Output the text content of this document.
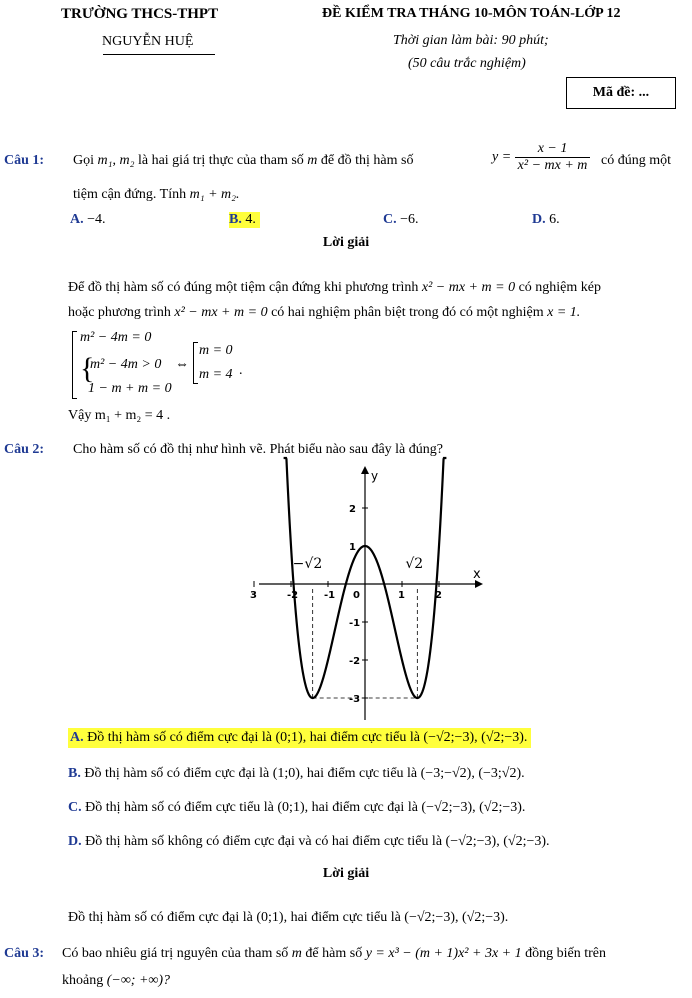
TRƯỜNG THCS-THPT
NGUYỄN HUỆ
ĐỀ KIỂM TRA THÁNG 10-MÔN TOÁN-LỚP 12
Thời gian làm bài: 90 phút;
(50 câu trắc nghiệm)
Mã đề: ...
Câu 1: Gọi m₁, m₂ là hai giá trị thực của tham số m để đồ thị hàm số	$y = \frac{x - 1}{\text{x² − mx + m}}$ có đúng một
tiệm cận đứng. Tính m₁ + m₂.
A. −4.	B. 4.	C. −6.	D. 6.
Lời giải
Để đồ thị hàm số có đúng một tiệm cận đứng khi phương trình x² − mx + m = 0 có nghiệm kép
hoặc phương trình x² − mx + m = 0 có hai nghiệm phân biệt trong đó có một nghiệm x = 1.
m² − 4m = 0
{
m² − 4m > 0
1 − m + m = 0
⇔
m = 0
m = 4 .
Vậy m₁ + m₂ = 4 .
Câu 2: Cho hàm số có đồ thị như hình vẽ. Phát biểu nào sau đây là đúng?
x
y
3	-2	-1 0	1	2
2
1
-1
-2
-3
−√2	√2
A. Đồ thị hàm số có điểm cực đại là (0;1), hai điểm cực tiểu là (−√2;−3), (√2;−3).
B. Đồ thị hàm số có điểm cực đại là (1;0), hai điểm cực tiểu là (−3;−√2), (−3;√2).
C. Đồ thị hàm số có điểm cực tiểu là (0;1), hai điểm cực đại là (−√2;−3), (√2;−3).
D. Đồ thị hàm số không có điểm cực đại và có hai điểm cực tiểu là (−√2;−3), (√2;−3).
Lời giải
Đồ thị hàm số có điểm cực đại là (0;1), hai điểm cực tiểu là (−√2;−3), (√2;−3).
Câu 3: Có bao nhiêu giá trị nguyên của tham số m để hàm số y = x³ − (m + 1)x² + 3x + 1 đồng biến trên
khoảng (−∞; +∞)?
